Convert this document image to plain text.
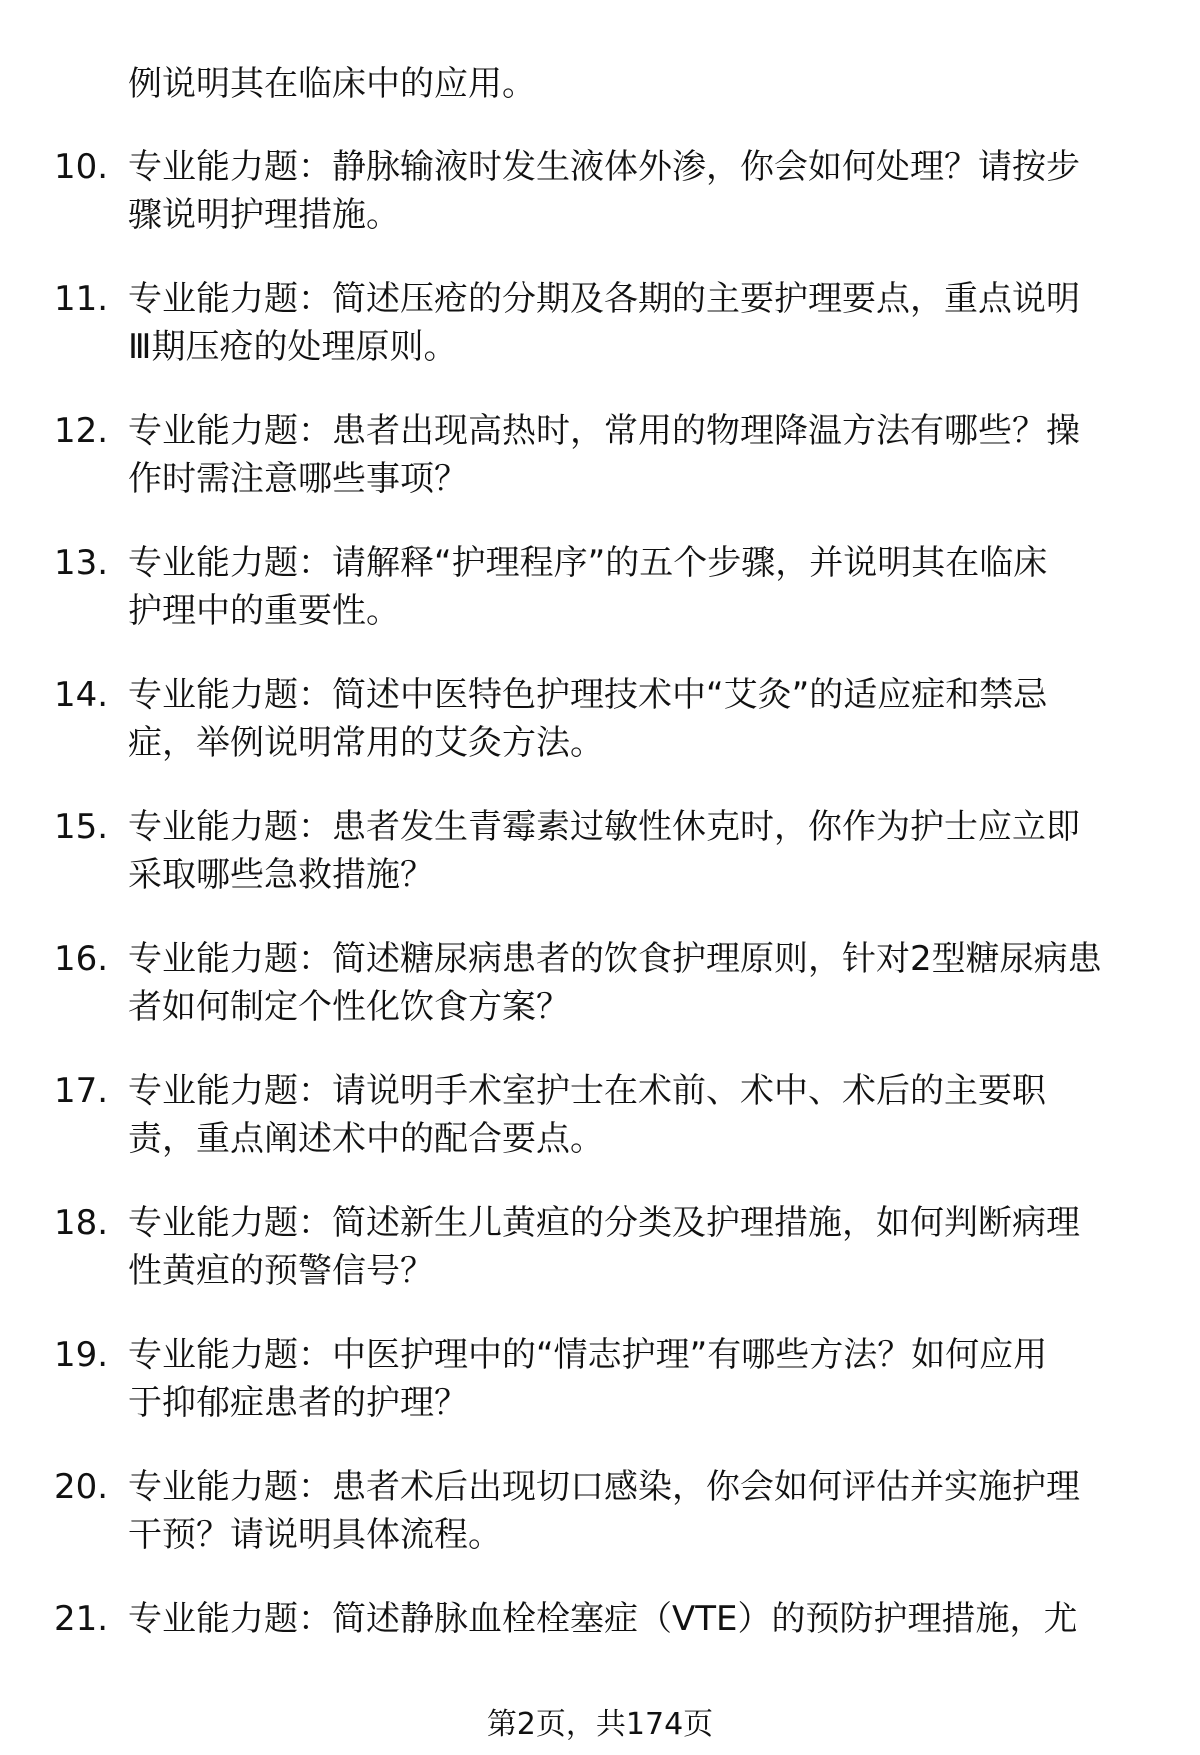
例说明其在临床中的应用。

10. 专业能力题：静脉输液时发生液体外渗，你会如何处理？请按步
骤说明护理措施。
11. 专业能力题：简述压疮的分期及各期的主要护理要点，重点说明
Ⅲ期压疮的处理原则。
12. 专业能力题：患者出现高热时，常用的物理降温方法有哪些？操
作时需注意哪些事项？
13. 专业能力题：请解释“护理程序”的五个步骤，并说明其在临床
护理中的重要性。
14. 专业能力题：简述中医特色护理技术中“艾灸”的适应症和禁忌
症，举例说明常用的艾灸方法。
15. 专业能力题：患者发生青霉素过敏性休克时，你作为护士应立即
采取哪些急救措施？
16. 专业能力题：简述糖尿病患者的饮食护理原则，针对2型糖尿病患
者如何制定个性化饮食方案？
17. 专业能力题：请说明手术室护士在术前、术中、术后的主要职
责，重点阐述术中的配合要点。
18. 专业能力题：简述新生儿黄疸的分类及护理措施，如何判断病理
性黄疸的预警信号？
19. 专业能力题：中医护理中的“情志护理”有哪些方法？如何应用
于抑郁症患者的护理？
20. 专业能力题：患者术后出现切口感染，你会如何评估并实施护理
干预？请说明具体流程。
21. 专业能力题：简述静脉血栓栓塞症（VTE）的预防护理措施，尤

第2页，共174页
